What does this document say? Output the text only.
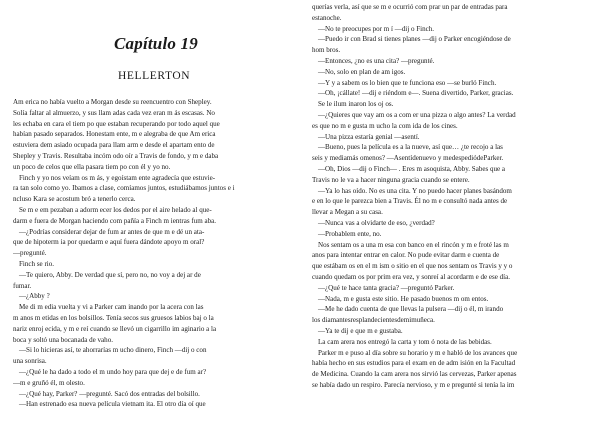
Capítulo 19
HELLERTON
Am erica no había vuelto a Morgan desde su reencuentro con Shepley.
Solía faltar al almuerzo, y sus llam adas cada vez eran m ás escasas. No
les echaba en cara el tiem po que estaban recuperando por todo aquel que
habían pasado separados. Honestam ente, m e alegraba de que Am erica
estuviera dem asiado ocupada para llam arm e desde el apartam ento de
Shepley y Travis. Resultaba incóm odo oír a Travis de fondo, y m e daba
un poco de celos que ella pasara tiem po con él y yo no.
Finch y yo nos veíam os m ás, y egoístam ente agradecía que estuvie-
ra tan solo como yo. Ibamos a clase, comíamos juntos, estudiábamos juntos e i
ncluso Kara se acostum bró a tenerlo cerca.
Se m e em pezaban a adorm ecer los dedos por el aire helado al que-
darm e fuera de Morgan haciendo com pañía a Finch m ientras fum aba.
—¿Podrías considerar dejar de fum ar antes de que m e dé un ata-
que de hipoterm ia por quedarm e aquí fuera dándote apoyo m oral?
—pregunté.
Finch se rio.
—Te quiero, Abby. De verdad que sí, pero no, no voy a dej ar de
fumar.
—¿Abby ?
Me di m edia vuelta y vi a Parker cam inando por la acera con las
m anos m etidas en los bolsillos. Tenía secos sus gruesos labios baj o la
nariz enroj ecida, y m e reí cuando se llevó un cigarrillo im aginario a la
boca y soltó una bocanada de vaho.
—Si lo hicieras así, te ahorrarías m ucho dinero, Finch —dij o con
una sonrisa.
—¿Qué le ha dado a todo el m undo hoy para que dej e de fum ar?
—m e gruñó él, m olesto.
—¿Qué hay, Parker? —pregunté. Sacó dos entradas del bolsillo.
—Han estrenado esa nueva película vietnam ita. El otro día oí que
querías verla, así que se m e ocurrió com prar un par de entradas para
estanoche.
—No te preocupes por m í —dij o Finch.
—Puedo ir con Brad si tienes planes —dij o Parker encogiéndose de
hom bros.
—Entonces, ¿no es una cita? —pregunté.
—No, solo en plan de am igos.
—Y y a sabem os lo bien que te funciona eso —se burló Finch.
—Oh, ¡cállate! —dij e riéndom e—. Suena divertido, Parker, gracias.
Se le ilum inaron los oj os.
—¿Quieres que vay am os a com er una pizza o algo antes? La verdad
es que no m e gusta m ucho la com ida de los cines.
—Una pizza estaría genial —asentí.
—Bueno, pues la película es a la nueve, así que… ¿te recojo a las
seis y mediamás omenos? —Asentídenuevo y medespediódeParker.
—Oh, Dios —dij o Finch— . Eres m asoquista, Abby. Sabes que a
Travis no le va a hacer ninguna gracia cuando se entere.
—Ya lo has oído. No es una cita. Y no puedo hacer planes basándom
e en lo que le parezca bien a Travis. Él no m e consultó nada antes de
llevar a Megan a su casa.
—Nunca vas a olvidarte de eso, ¿verdad?
—Probablem ente, no.
Nos sentam os a una m esa con banco en el rincón y m e froté las m
anos para intentar entrar en calor. No pude evitar darm e cuenta de
que estábam os en el m ism o sitio en el que nos sentam os Travis y y o
cuando quedam os por prim era vez, y sonreí al acordarm e de ese día.
—¿Qué te hace tanta gracia? —preguntó Parker.
—Nada, m e gusta este sitio. He pasado buenos m om entos.
—Me he dado cuenta de que llevas la pulsera —dij o él, m irando
los diamantesresplandecientesdemimuñeca.
—Ya te dij e que m e gustaba.
La cam arera nos entregó la carta y tom ó nota de las bebidas.
Parker m e puso al día sobre su horario y m e habló de los avances que
había hecho en sus estudios para el exam en de adm isión en la Facultad
de Medicina. Cuando la cam arera nos sirvió las cervezas, Parker apenas
se había dado un respiro. Parecía nervioso, y m e pregunté si tenía la im
